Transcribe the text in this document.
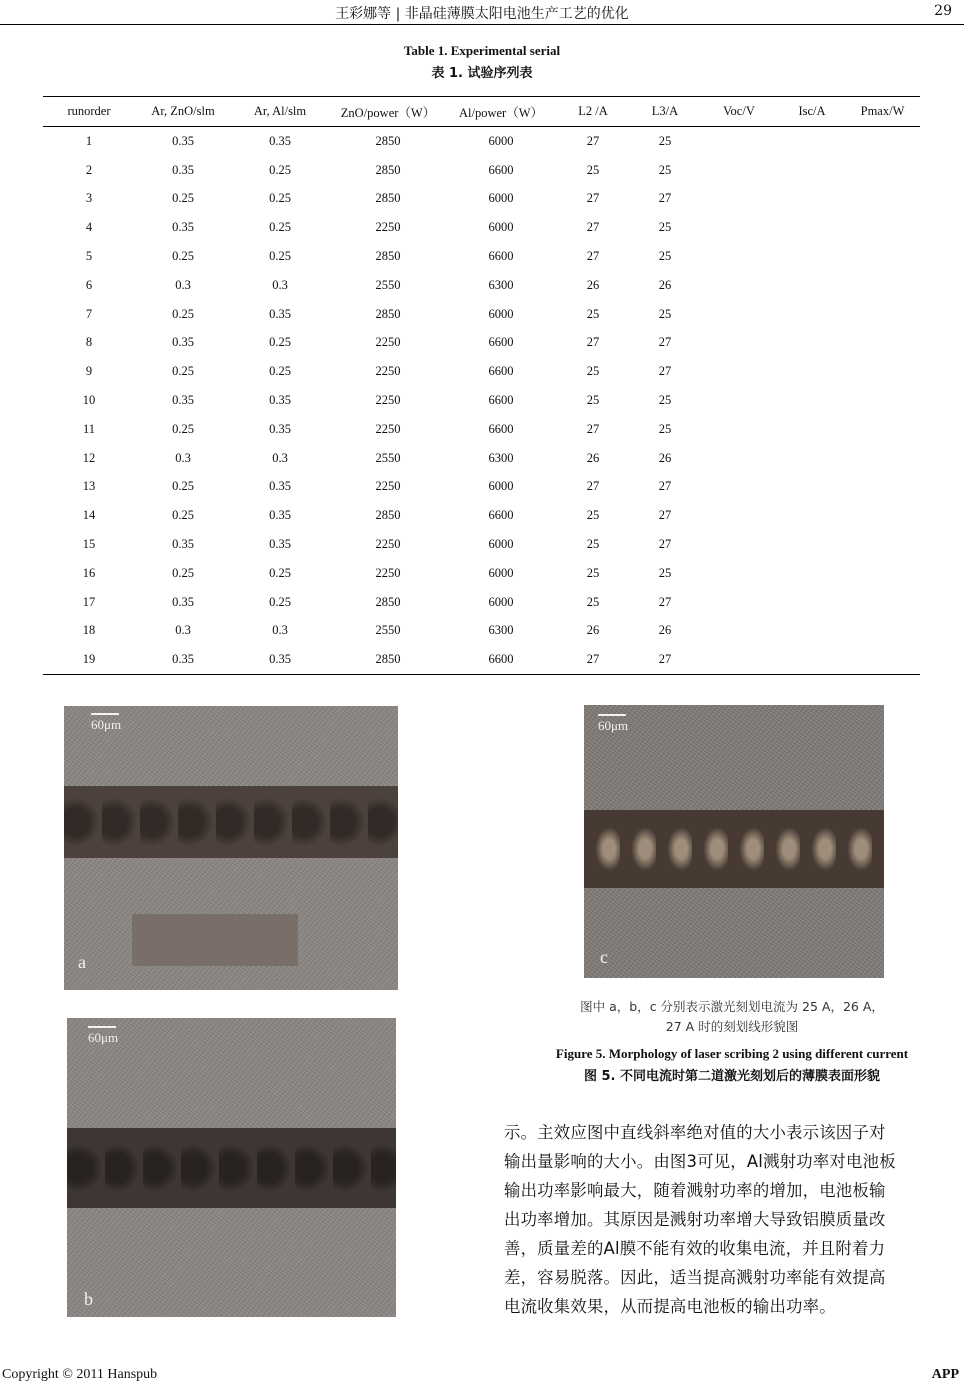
王彩娜等 | 非晶硅薄膜太阳电池生产工艺的优化	29
Table 1. Experimental serial
表 1. 试验序列表
runorder	Ar, ZnO/slm	Ar, Al/slm	ZnO/power（W）	Al/power（W）	L2 /A	L3/A	Voc/V	Isc/A	Pmax/W
1	0.35	0.35	2850	6000	27	25			
2	0.35	0.25	2850	6600	25	25			
3	0.25	0.25	2850	6000	27	27			
4	0.35	0.25	2250	6000	27	25			
5	0.25	0.25	2850	6600	27	25			
6	0.3	0.3	2550	6300	26	26			
7	0.25	0.35	2850	6000	25	25			
8	0.35	0.25	2250	6600	27	27			
9	0.25	0.25	2250	6600	25	27			
10	0.35	0.35	2250	6600	25	25			
11	0.25	0.35	2250	6600	27	25			
12	0.3	0.3	2550	6300	26	26			
13	0.25	0.35	2250	6000	27	27			
14	0.25	0.35	2850	6600	25	27			
15	0.35	0.35	2250	6000	25	27			
16	0.25	0.25	2250	6000	25	25			
17	0.35	0.25	2850	6000	25	27			
18	0.3	0.3	2550	6300	26	26			
19	0.35	0.35	2850	6600	27	27			
60μm
a
60μm
b
60μm
c
图中 a，b，c 分别表示激光刻划电流为 25 A，26 A，
27 A 时的刻划线形貌图
Figure 5. Morphology of laser scribing 2 using different current
图 5. 不同电流时第二道激光刻划后的薄膜表面形貌

示。主效应图中直线斜率绝对值的大小表示该因子对

输出量影响的大小。由图3可见，Al溅射功率对电池板

输出功率影响最大，随着溅射功率的增加，电池板输

出功率增加。其原因是溅射功率增大导致铝膜质量改

善，质量差的Al膜不能有效的收集电流，并且附着力

差，容易脱落。因此，适当提高溅射功率能有效提高

电流收集效果，从而提高电池板的输出功率。

Copyright © 2011 Hanspub	APP
